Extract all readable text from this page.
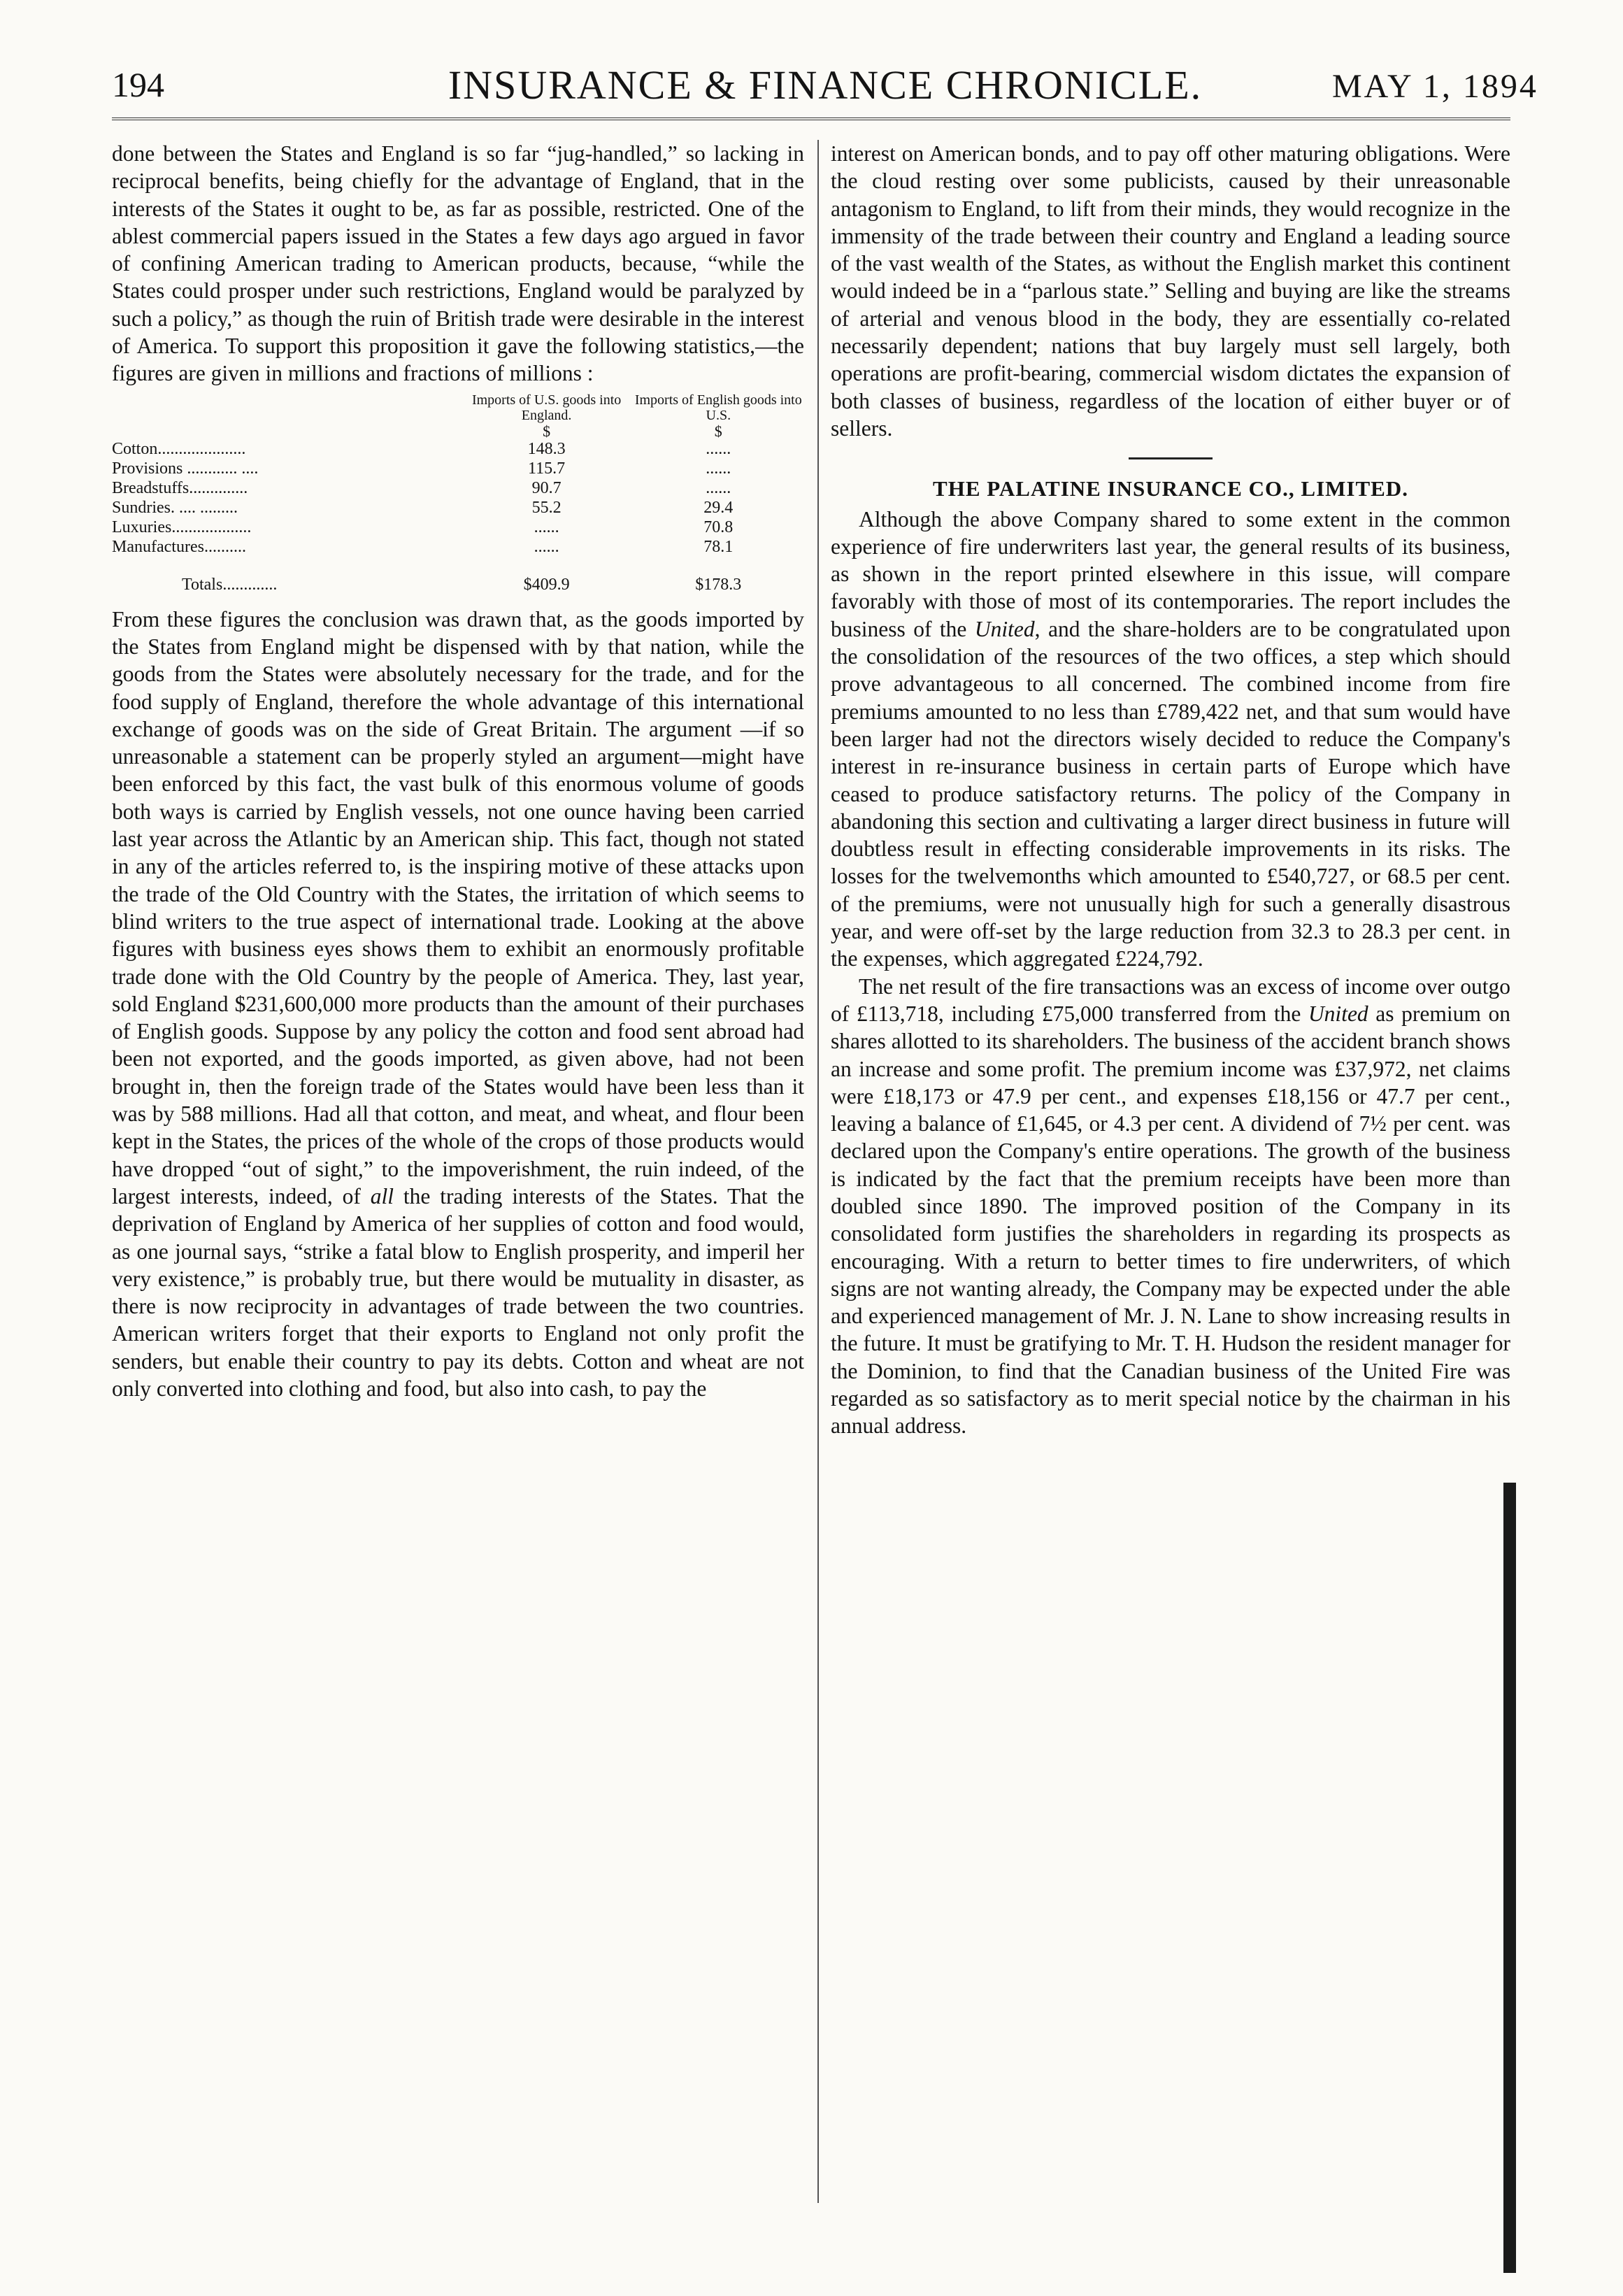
194	INSURANCE & FINANCE CHRONICLE.	MAY 1, 1894

done between the States and England is so far “jug-handled,” so lacking in reciprocal benefits, being chiefly for the advantage of England, that in the interests of the States it ought to be, as far as possible, restricted. One of the ablest commercial papers issued in the States a few days ago argued in favor of confining American trading to American products, because, “while the States could prosper under such restrictions, England would be paralyzed by such a policy,” as though the ruin of British trade were desirable in the interest of America. To support this proposition it gave the following statistics,—the figures are given in millions and fractions of millions :

	Imports of U.S. goods into England.	Imports of English goods into U.S.
	$	$
Cotton.....................	148.3	......
Provisions ............ ....	115.7	......
Breadstuffs..............	90.7	......
Sundries. .... .........	55.2	29.4
Luxuries...................	......	70.8
Manufactures..........	......	78.1
Totals.............	$409.9	$178.3

From these figures the conclusion was drawn that, as the goods imported by the States from England might be dispensed with by that nation, while the goods from the States were absolutely necessary for the trade, and for the food supply of England, therefore the whole advantage of this international exchange of goods was on the side of Great Britain. The argument —if so unreasonable a statement can be properly styled an argument—might have been enforced by this fact, the vast bulk of this enormous volume of goods both ways is carried by English vessels, not one ounce having been carried last year across the Atlantic by an American ship. This fact, though not stated in any of the articles referred to, is the inspiring motive of these attacks upon the trade of the Old Country with the States, the irritation of which seems to blind writers to the true aspect of international trade. Looking at the above figures with business eyes shows them to exhibit an enormously profitable trade done with the Old Country by the people of America. They, last year, sold England $231,600,000 more products than the amount of their purchases of English goods. Suppose by any policy the cotton and food sent abroad had been not exported, and the goods imported, as given above, had not been brought in, then the foreign trade of the States would have been less than it was by 588 millions. Had all that cotton, and meat, and wheat, and flour been kept in the States, the prices of the whole of the crops of those products would have dropped “out of sight,” to the impoverishment, the ruin indeed, of the largest interests, indeed, of all the trading interests of the States. That the deprivation of England by America of her supplies of cotton and food would, as one journal says, “strike a fatal blow to English prosperity, and imperil her very existence,” is probably true, but there would be mutuality in disaster, as there is now reciprocity in advantages of trade between the two countries. American writers forget that their exports to England not only profit the senders, but enable their country to pay its debts. Cotton and wheat are not only converted into clothing and food, but also into cash, to pay the

interest on American bonds, and to pay off other maturing obligations. Were the cloud resting over some publicists, caused by their unreasonable antagonism to England, to lift from their minds, they would recognize in the immensity of the trade between their country and England a leading source of the vast wealth of the States, as without the English market this continent would indeed be in a “parlous state.” Selling and buying are like the streams of arterial and venous blood in the body, they are essentially co-related necessarily dependent; nations that buy largely must sell largely, both operations are profit-bearing, commercial wisdom dictates the expansion of both classes of business, regardless of the location of either buyer or of sellers.

THE PALATINE INSURANCE CO., LIMITED.

Although the above Company shared to some extent in the common experience of fire underwriters last year, the general results of its business, as shown in the report printed elsewhere in this issue, will compare favorably with those of most of its contemporaries. The report includes the business of the United, and the share-holders are to be congratulated upon the consolidation of the resources of the two offices, a step which should prove advantageous to all concerned. The combined income from fire premiums amounted to no less than £789,422 net, and that sum would have been larger had not the directors wisely decided to reduce the Company's interest in re-insurance business in certain parts of Europe which have ceased to produce satisfactory returns. The policy of the Company in abandoning this section and cultivating a larger direct business in future will doubtless result in effecting considerable improvements in its risks. The losses for the twelvemonths which amounted to £540,727, or 68.5 per cent. of the premiums, were not unusually high for such a generally disastrous year, and were off-set by the large reduction from 32.3 to 28.3 per cent. in the expenses, which aggregated £224,792.

The net result of the fire transactions was an excess of income over outgo of £113,718, including £75,000 transferred from the United as premium on shares allotted to its shareholders. The business of the accident branch shows an increase and some profit. The premium income was £37,972, net claims were £18,173 or 47.9 per cent., and expenses £18,156 or 47.7 per cent., leaving a balance of £1,645, or 4.3 per cent. A dividend of 7½ per cent. was declared upon the Company's entire operations. The growth of the business is indicated by the fact that the premium receipts have been more than doubled since 1890. The improved position of the Company in its consolidated form justifies the shareholders in regarding its prospects as encouraging. With a return to better times to fire underwriters, of which signs are not wanting already, the Company may be expected under the able and experienced management of Mr. J. N. Lane to show increasing results in the future. It must be gratifying to Mr. T. H. Hudson the resident manager for the Dominion, to find that the Canadian business of the United Fire was regarded as so satisfactory as to merit special notice by the chairman in his annual address.
